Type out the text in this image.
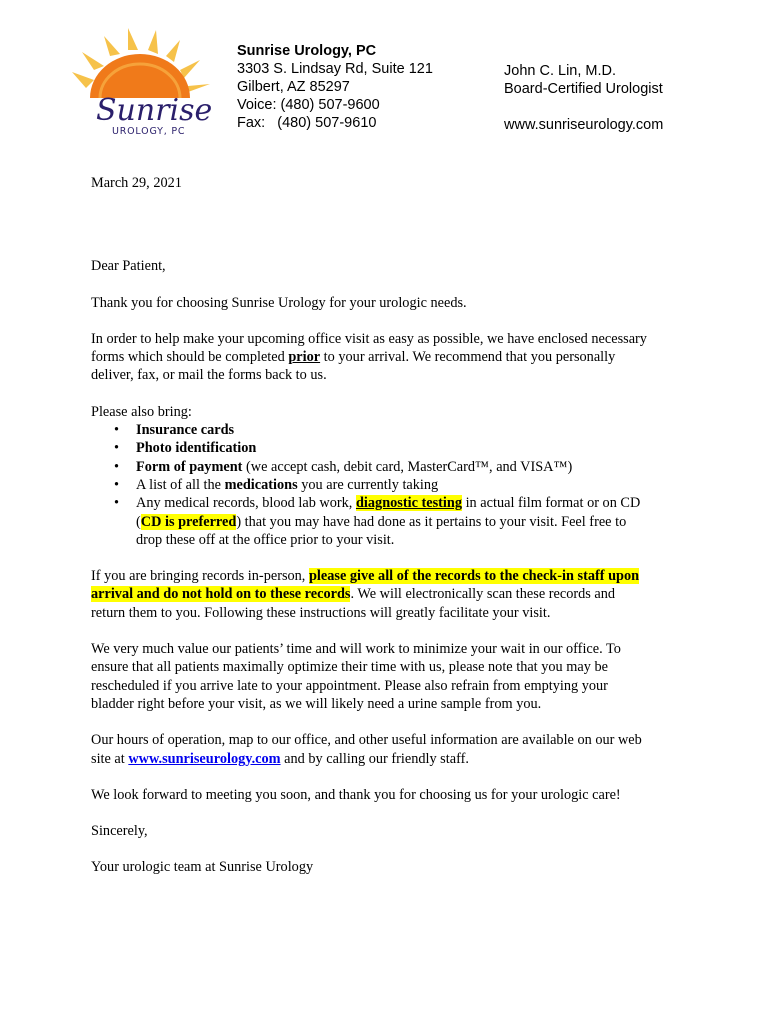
Sunrise
UROLOGY, PC
Sunrise Urology, PC
3303 S. Lindsay Rd, Suite 121
Gilbert, AZ 85297
Voice: (480) 507-9600
Fax:   (480) 507-9610
John C. Lin, M.D.
Board-Certified Urologist
www.sunriseurology.com

March 29, 2021

Dear Patient,

Thank you for choosing Sunrise Urology for your urologic needs.

In order to help make your upcoming office visit as easy as possible, we have enclosed necessary forms which should be completed prior to your arrival. We recommend that you personally deliver, fax, or mail the forms back to us.

Please also bring:

• Insurance cards
• Photo identification
• Form of payment (we accept cash, debit card, MasterCard™, and VISA™)
• A list of all the medications you are currently taking
• Any medical records, blood lab work, diagnostic testing in actual film format or on CD (CD is preferred) that you may have had done as it pertains to your visit. Feel free to drop these off at the office prior to your visit.

If you are bringing records in-person, please give all of the records to the check-in staff upon arrival and do not hold on to these records. We will electronically scan these records and return them to you. Following these instructions will greatly facilitate your visit.

We very much value our patients’ time and will work to minimize your wait in our office. To ensure that all patients maximally optimize their time with us, please note that you may be rescheduled if you arrive late to your appointment. Please also refrain from emptying your bladder right before your visit, as we will likely need a urine sample from you.

Our hours of operation, map to our office, and other useful information are available on our web site at www.sunriseurology.com and by calling our friendly staff.

We look forward to meeting you soon, and thank you for choosing us for your urologic care!

Sincerely,

Your urologic team at Sunrise Urology
